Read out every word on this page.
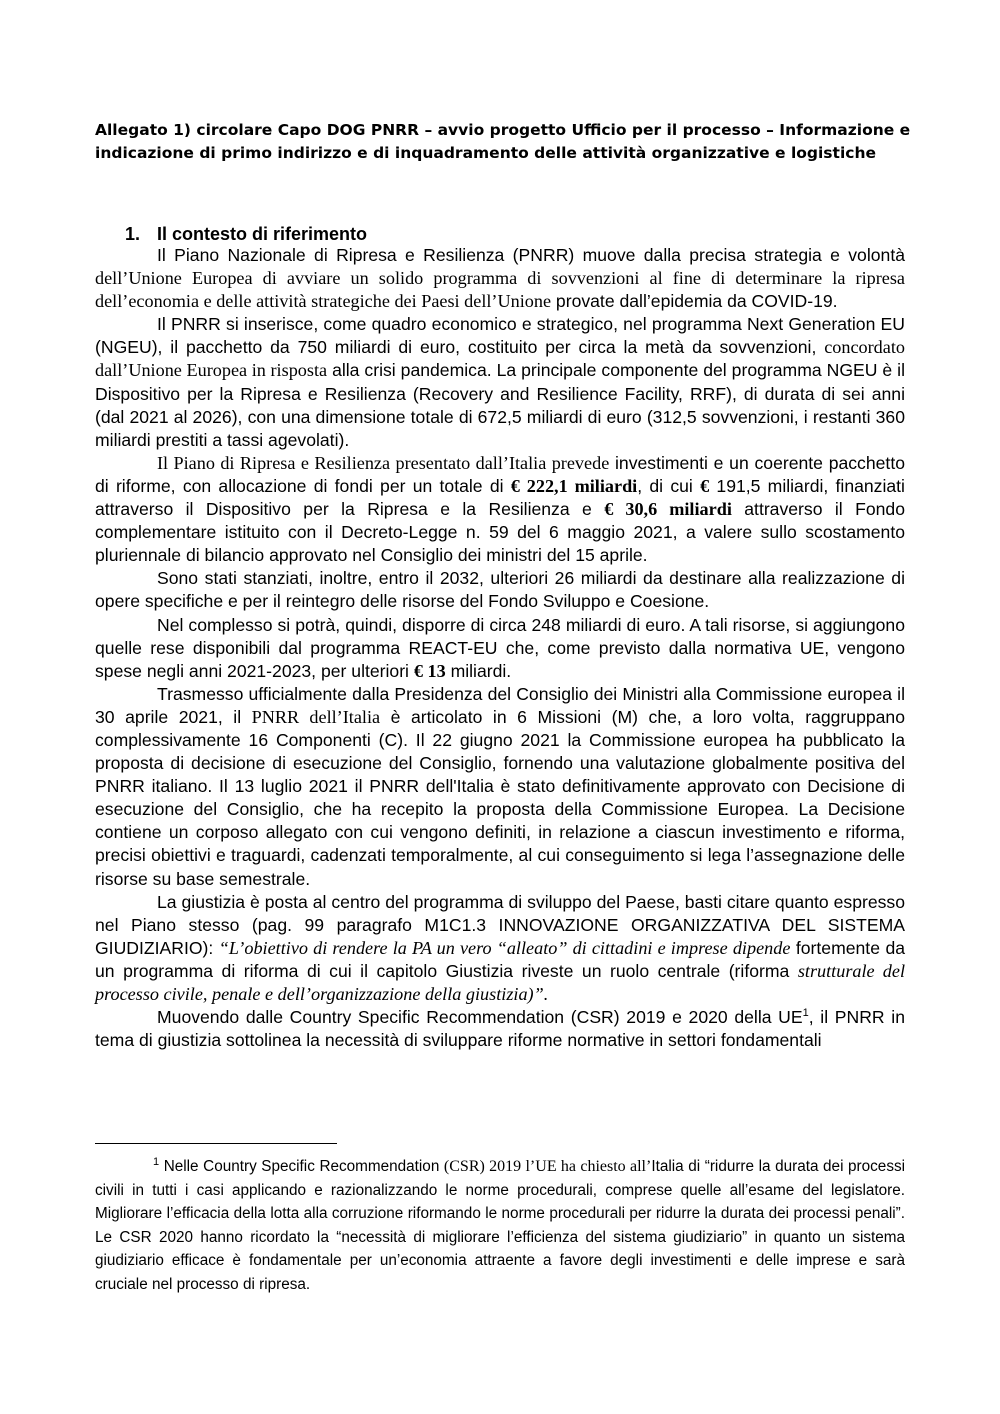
Allegato 1) circolare Capo DOG PNRR – avvio progetto Ufficio per il processo – Informazione e indicazione di primo indirizzo e di inquadramento delle attività organizzative e logistiche
1. Il contesto di riferimento

Il Piano Nazionale di Ripresa e Resilienza (PNRR) muove dalla precisa strategia e volontà dell’Unione Europea di avviare un solido programma di sovvenzioni al fine di determinare la ripresa dell’economia e delle attività strategiche dei Paesi dell’Unione provate dall’epidemia da COVID-19.

Il PNRR si inserisce, come quadro economico e strategico, nel programma Next Generation EU (NGEU), il pacchetto da 750 miliardi di euro, costituito per circa la metà da sovvenzioni, concordato dall’Unione Europea in risposta alla crisi pandemica. La principale componente del programma NGEU è il Dispositivo per la Ripresa e Resilienza (Recovery and Resilience Facility, RRF), di durata di sei anni (dal 2021 al 2026), con una dimensione totale di 672,5 miliardi di euro (312,5 sovvenzioni, i restanti 360 miliardi prestiti a tassi agevolati).

Il Piano di Ripresa e Resilienza presentato dall’Italia prevede investimenti e un coerente pacchetto di riforme, con allocazione di fondi per un totale di € 222,1 miliardi, di cui € 191,5 miliardi, finanziati attraverso il Dispositivo per la Ripresa e la Resilienza e € 30,6 miliardi attraverso il Fondo complementare istituito con il Decreto-Legge n. 59 del 6 maggio 2021, a valere sullo scostamento pluriennale di bilancio approvato nel Consiglio dei ministri del 15 aprile.

Sono stati stanziati, inoltre, entro il 2032, ulteriori 26 miliardi da destinare alla realizzazione di opere specifiche e per il reintegro delle risorse del Fondo Sviluppo e Coesione.

Nel complesso si potrà, quindi, disporre di circa 248 miliardi di euro. A tali risorse, si aggiungono quelle rese disponibili dal programma REACT-EU che, come previsto dalla normativa UE, vengono spese negli anni 2021-2023, per ulteriori € 13 miliardi.

Trasmesso ufficialmente dalla Presidenza del Consiglio dei Ministri alla Commissione europea il 30 aprile 2021, il PNRR dell’Italia è articolato in 6 Missioni (M) che, a loro volta, raggruppano complessivamente 16 Componenti (C). Il 22 giugno 2021 la Commissione europea ha pubblicato la proposta di decisione di esecuzione del Consiglio, fornendo una valutazione globalmente positiva del PNRR italiano. Il 13 luglio 2021 il PNRR dell'Italia è stato definitivamente approvato con Decisione di esecuzione del Consiglio, che ha recepito la proposta della Commissione Europea. La Decisione contiene un corposo allegato con cui vengono definiti, in relazione a ciascun investimento e riforma, precisi obiettivi e traguardi, cadenzati temporalmente, al cui conseguimento si lega l’assegnazione delle risorse su base semestrale.

La giustizia è posta al centro del programma di sviluppo del Paese, basti citare quanto espresso nel Piano stesso (pag. 99 paragrafo M1C1.3 INNOVAZIONE ORGANIZZATIVA DEL SISTEMA GIUDIZIARIO): “L’obiettivo di rendere la PA un vero “alleato” di cittadini e imprese dipende fortemente da un programma di riforma di cui il capitolo Giustizia riveste un ruolo centrale (riforma strutturale del processo civile, penale e dell’organizzazione della giustizia)”.

Muovendo dalle Country Specific Recommendation (CSR) 2019 e 2020 della $UE^1$, il PNRR in tema di giustizia sottolinea la necessità di sviluppare riforme normative in settori fondamentali

$^1$ Nelle Country Specific Recommendation (CSR) 2019 l’UE ha chiesto all’Italia di “ridurre la durata dei processi civili in tutti i casi applicando e razionalizzando le norme procedurali, comprese quelle all’esame del legislatore. Migliorare l’efficacia della lotta alla corruzione riformando le norme procedurali per ridurre la durata dei processi penali”. Le CSR 2020 hanno ricordato la “necessità di migliorare l’efficienza del sistema giudiziario” in quanto un sistema giudiziario efficace è fondamentale per un’economia attraente a favore degli investimenti e delle imprese e sarà cruciale nel processo di ripresa.
